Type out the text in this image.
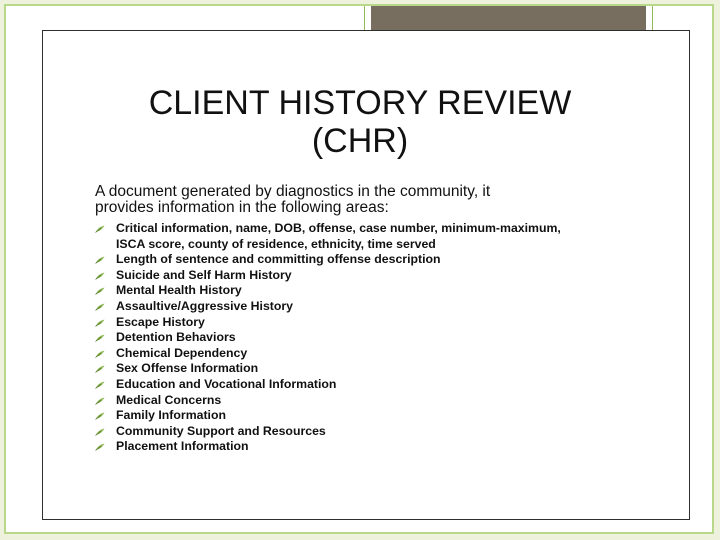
CLIENT HISTORY REVIEW
(CHR)

A document generated by diagnostics in the community, it
provides information in the following areas:

Critical information, name, DOB, offense, case number, minimum-maximum,
ISCA score, county of residence, ethnicity, time served
Length of sentence and committing offense description
Suicide and Self Harm History
Mental Health History
Assaultive/Aggressive History
Escape History
Detention Behaviors
Chemical Dependency
Sex Offense Information
Education and Vocational Information
Medical Concerns
Family Information
Community Support and Resources
Placement Information
